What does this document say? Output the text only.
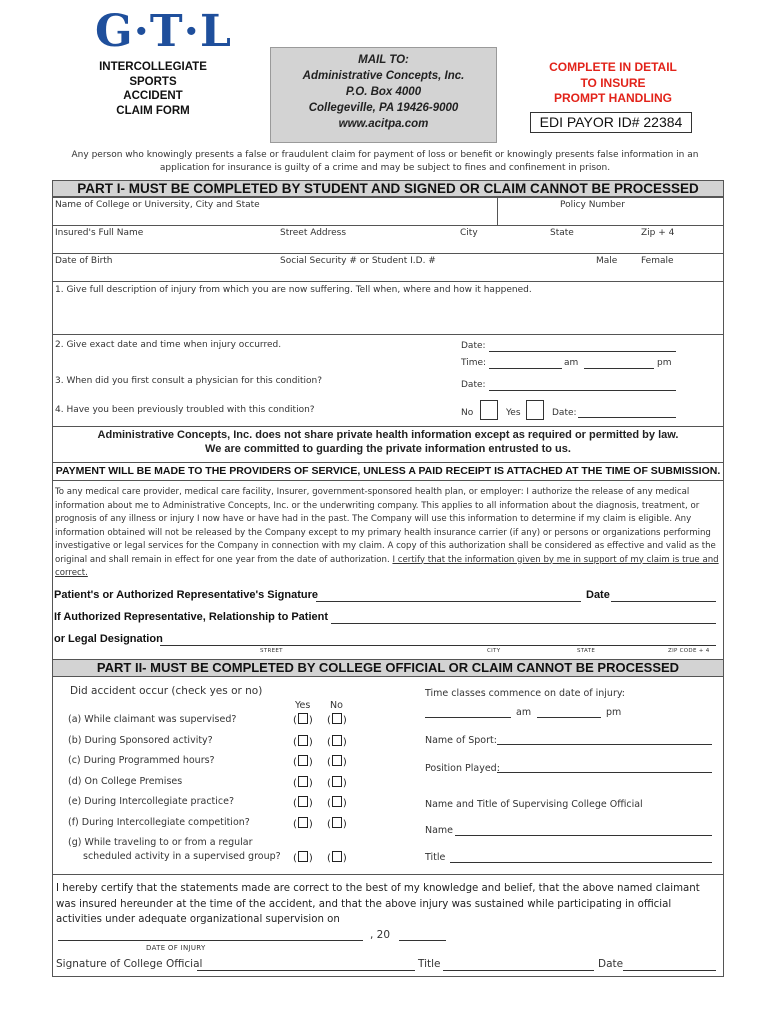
G·T·L
INTERCOLLEGIATE
SPORTS
ACCIDENT
CLAIM FORM
MAIL TO:
Administrative Concepts, Inc.
P.O. Box 4000
Collegeville, PA 19426-9000
www.acitpa.com
COMPLETE IN DETAIL
TO INSURE
PROMPT HANDLING
EDI PAYOR ID# 22384
Any person who knowingly presents a false or fraudulent claim for payment of loss or benefit or knowingly presents false information in an application for insurance is guilty of a crime and may be subject to fines and confinement in prison.
PART I- MUST BE COMPLETED BY STUDENT AND SIGNED OR CLAIM CANNOT BE PROCESSED
Name of College or University, City and State	Policy Number
Insured's Full Name	Street Address	City	State	Zip + 4
Date of Birth	Social Security # or Student I.D. #	Male	Female
1. Give full description of injury from which you are now suffering. Tell when, where and how it happened.
2. Give exact date and time when injury occurred.	Date:
Time:	am	pm
3. When did you first consult a physician for this condition?	Date:
4. Have you been previously troubled with this condition?	No	Yes	Date:
Administrative Concepts, Inc. does not share private health information except as required or permitted by law.
We are committed to guarding the private information entrusted to us.
PAYMENT WILL BE MADE TO THE PROVIDERS OF SERVICE, UNLESS A PAID RECEIPT IS ATTACHED AT THE TIME OF SUBMISSION.
To any medical care provider, medical care facility, Insurer, government-sponsored health plan, or employer: I authorize the release of any medical information about me to Administrative Concepts, Inc. or the underwriting company. This applies to all information about the diagnosis, treatment, or prognosis of any illness or injury I now have or have had in the past. The Company will use this information to determine if my claim is eligible. Any information obtained will not be released by the Company except to my primary health insurance carrier (if any) or persons or organizations performing investigative or legal services for the Company in connection with my claim. A copy of this authorization shall be considered as effective and valid as the original and shall remain in effect for one year from the date of authorization. I certify that the information given by me in support of my claim is true and correct.
Patient's or Authorized Representative's Signature	Date
If Authorized Representative, Relationship to Patient
or Legal Designation
STREET	CITY	STATE	ZIP CODE + 4
PART II- MUST BE COMPLETED BY COLLEGE OFFICIAL OR CLAIM CANNOT BE PROCESSED
Did accident occur (check yes or no)
Yes No
(a) While claimant was supervised?	( ) ( )
(b) During Sponsored activity?	( ) ( )
(c) During Programmed hours?	( ) ( )
(d) On College Premises	( ) ( )
(e) During Intercollegiate practice?	( ) ( )
(f) During Intercollegiate competition?	( ) ( )
(g) While traveling to or from a regular
scheduled activity in a supervised group? ( ) ( )
Time classes commence on date of injury:
am	pm
Name of Sport:
Position Played:
Name and Title of Supervising College Official
Name
Title
I hereby certify that the statements made are correct to the best of my knowledge and belief, that the above named claimant was insured hereunder at the time of the accident, and that the above injury was sustained while participating in official activities under adequate organizational supervision on
, 20
DATE OF INJURY
Signature of College Official	Title	Date
